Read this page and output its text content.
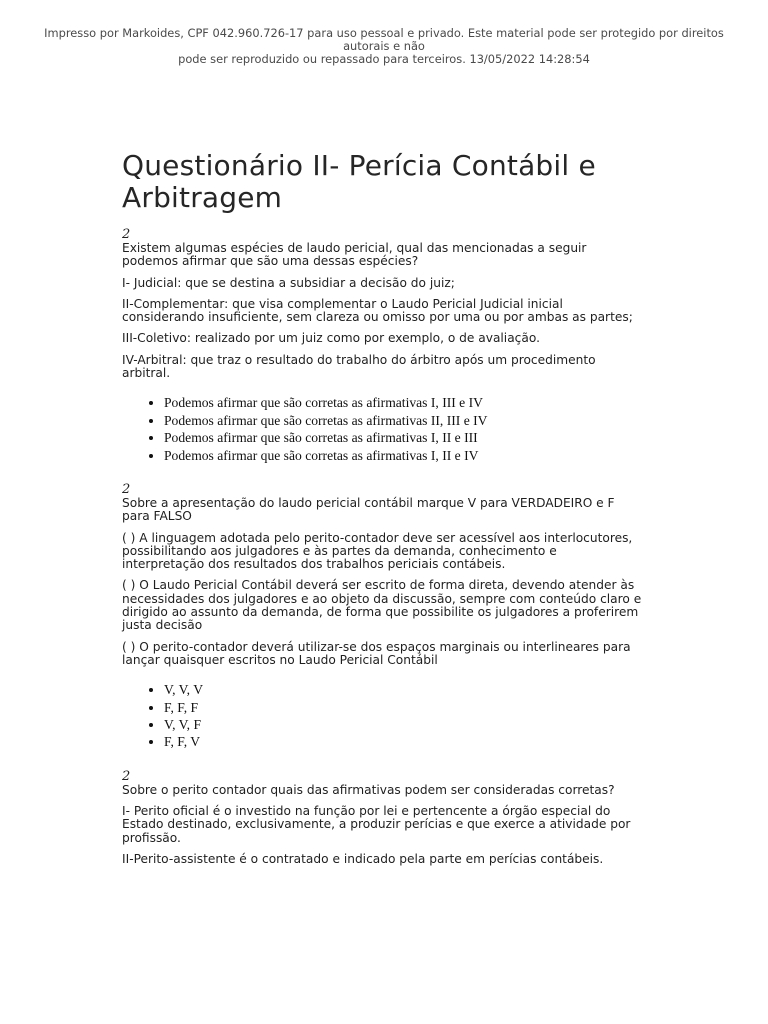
Impresso por Markoides, CPF 042.960.726-17 para uso pessoal e privado. Este material pode ser protegido por direitos autorais e não
pode ser reproduzido ou repassado para terceiros. 13/05/2022 14:28:54
Questionário II- Perícia Contábil e
Arbitragem
2

Existem algumas espécies de laudo pericial, qual das mencionadas a seguir podemos afirmar que são uma dessas espécies?

I- Judicial: que se destina a subsidiar a decisão do juiz;

II-Complementar: que visa complementar o Laudo Pericial Judicial inicial considerando insuficiente, sem clareza ou omisso por uma ou por ambas as partes;

III-Coletivo: realizado por um juiz como por exemplo, o de avaliação.

IV-Arbitral: que traz o resultado do trabalho do árbitro após um procedimento arbitral.

• Podemos afirmar que são corretas as afirmativas I, III e IV
• Podemos afirmar que são corretas as afirmativas II, III e IV
• Podemos afirmar que são corretas as afirmativas I, II e III
• Podemos afirmar que são corretas as afirmativas I, II e IV
2

Sobre a apresentação do laudo pericial contábil marque V para VERDADEIRO e F para FALSO

( ) A linguagem adotada pelo perito-contador deve ser acessível aos interlocutores, possibilitando aos julgadores e às partes da demanda, conhecimento e interpretação dos resultados dos trabalhos periciais contábeis.

( ) O Laudo Pericial Contábil deverá ser escrito de forma direta, devendo atender às necessidades dos julgadores e ao objeto da discussão, sempre com conteúdo claro e dirigido ao assunto da demanda, de forma que possibilite os julgadores a proferirem justa decisão

( ) O perito-contador deverá utilizar-se dos espaços marginais ou interlineares para lançar quaisquer escritos no Laudo Pericial Contábil

• V, V, V
• F, F, F
• V, V, F
• F, F, V
2

Sobre o perito contador quais das afirmativas podem ser consideradas corretas?

I- Perito oficial é o investido na função por lei e pertencente a órgão especial do Estado destinado, exclusivamente, a produzir perícias e que exerce a atividade por profissão.

II-Perito-assistente é o contratado e indicado pela parte em perícias contábeis.
